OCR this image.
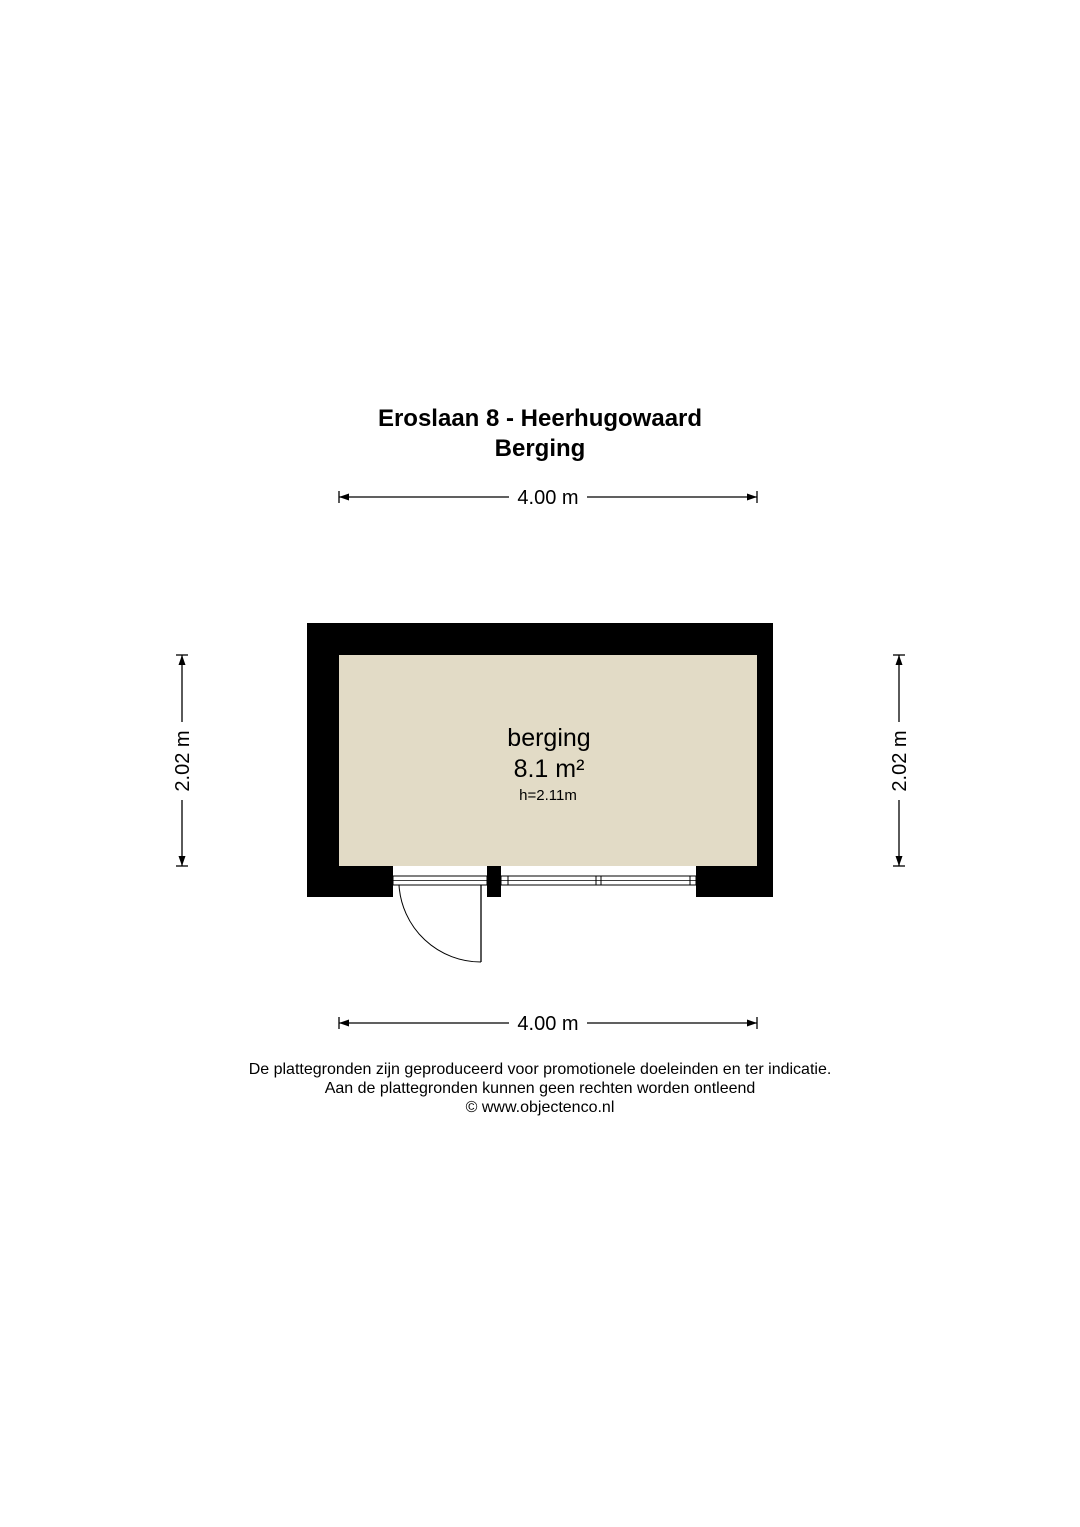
Eroslaan 8 - Heerhugowaard
Berging
4.00 m
2.02 m	2.02 m
berging
8.1 m²
h=2.11m
4.00 m
De plattegronden zijn geproduceerd voor promotionele doeleinden en ter indicatie.
Aan de plattegronden kunnen geen rechten worden ontleend
© www.objectenco.nl
